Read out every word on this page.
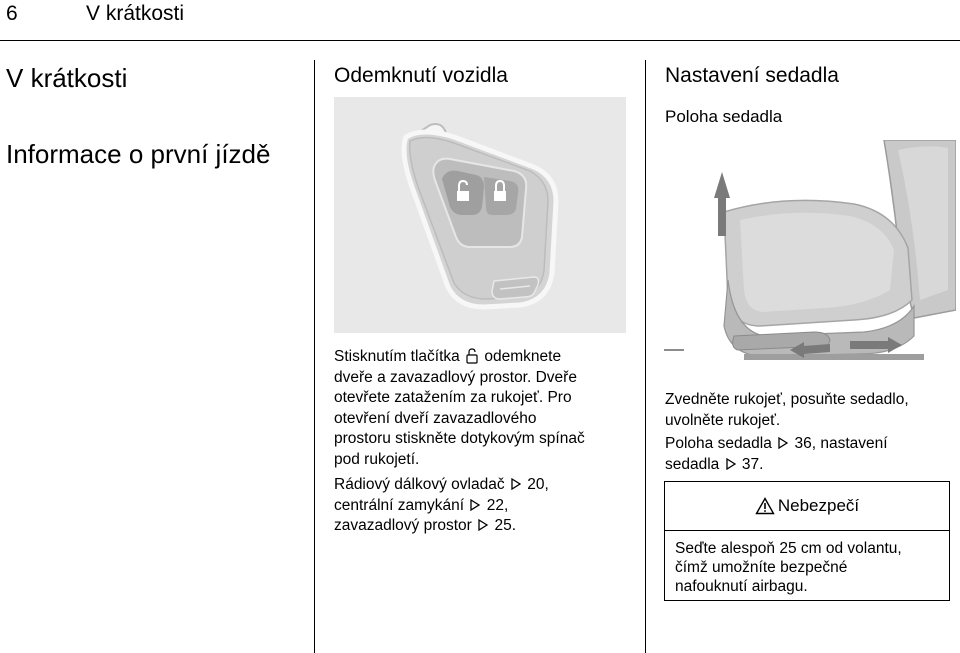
6	V krátkosti
V krátkosti
Informace o první jízdě
Odemknutí vozidla
Stisknutím tlačítka odemknete
dveře a zavazadlový prostor. Dveře
otevřete zatažením za rukojeť. Pro
otevření dveří zavazadlového
prostoru stiskněte dotykovým spínač
pod rukojetí.
Rádiový dálkový ovladač 20,
centrální zamykání 22,
zavazadlový prostor 25.
Nastavení sedadla
Poloha sedadla
Zvedněte rukojeť, posuňte sedadlo,
uvolněte rukojeť.
Poloha sedadla 36, nastavení
sedadla 37.
Nebezpečí
Seďte alespoň 25 cm od volantu,
čímž umožníte bezpečné
nafouknutí airbagu.
